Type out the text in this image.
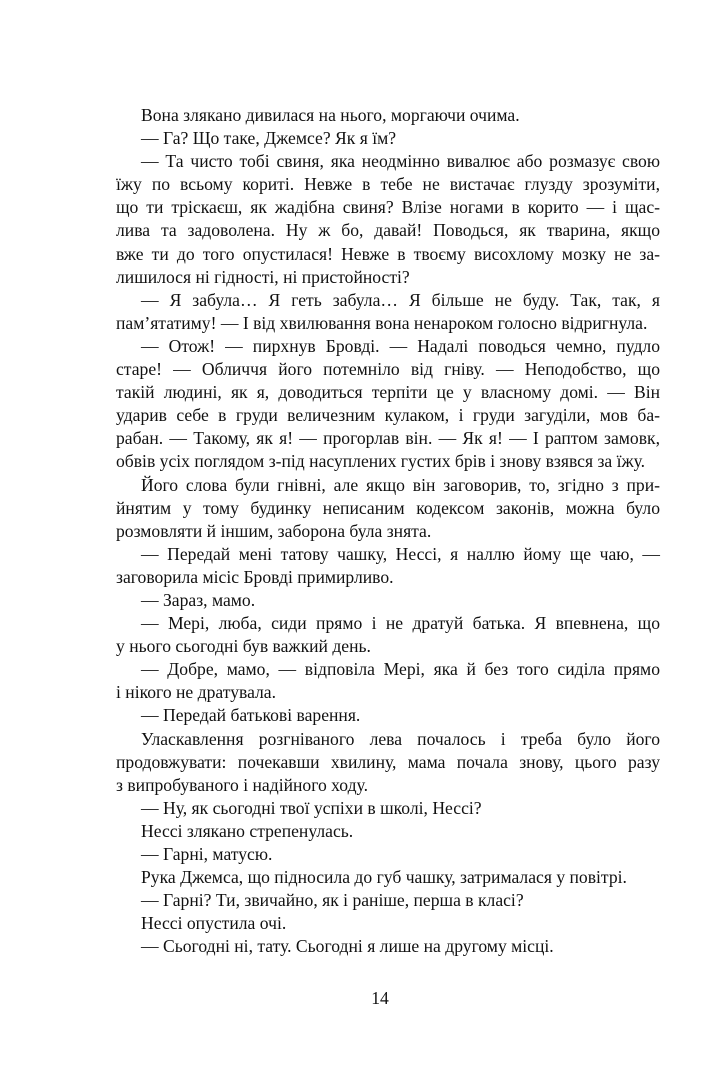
Вона злякано дивилася на нього, моргаючи очима.
— Га? Що таке, Джемсе? Як я їм?
— Та чисто тобі свиня, яка неодмінно вивалює або розмазує свою
їжу по всьому кориті. Невже в тебе не вистачає глузду зрозуміти,
що ти тріскаєш, як жадібна свиня? Влізе ногами в корито — і щас-
лива та задоволена. Ну ж бо, давай! Поводься, як тварина, якщо
вже ти до того опустилася! Невже в твоєму висохлому мозку не за-
лишилося ні гідності, ні пристойності?
— Я забула… Я геть забула… Я більше не буду. Так, так, я
пам’ятатиму! — І від хвилювання вона ненароком голосно відригнула.
— Отож! — пирхнув Бровді. — Надалі поводься чемно, пудло
старе! — Обличчя його потемніло від гніву. — Неподобство, що
такій людині, як я, доводиться терпіти це у власному домі. — Він
ударив себе в груди величезним кулаком, і груди загуділи, мов ба-
рабан. — Такому, як я! — прогорлав він. — Як я! — І раптом замовк,
обвів усіх поглядом з-під насуплених густих брів і знову взявся за їжу.
Його слова були гнівні, але якщо він заговорив, то, згідно з при-
йнятим у тому будинку неписаним кодексом законів, можна було
розмовляти й іншим, заборона була знята.
— Передай мені татову чашку, Нессі, я наллю йому ще чаю, —
заговорила місіс Бровді примирливо.
— Зараз, мамо.
— Мері, люба, сиди прямо і не дратуй батька. Я впевнена, що
у нього сьогодні був важкий день.
— Добре, мамо, — відповіла Мері, яка й без того сиділа прямо
і нікого не дратувала.
— Передай батькові варення.
Улаcкавлення розгніваного лева почалось і треба було його
продовжувати: почекавши хвилину, мама почала знову, цього разу
з випробуваного і надійного ходу.
— Ну, як сьогодні твої успіхи в школі, Нессі?
Нессі злякано стрепенулась.
— Гарні, матусю.
Рука Джемса, що підносила до губ чашку, затрималася у повітрі.
— Гарні? Ти, звичайно, як і раніше, перша в класі?
Нессі опустила очі.
— Сьогодні ні, тату. Сьогодні я лише на другому місці.
14
